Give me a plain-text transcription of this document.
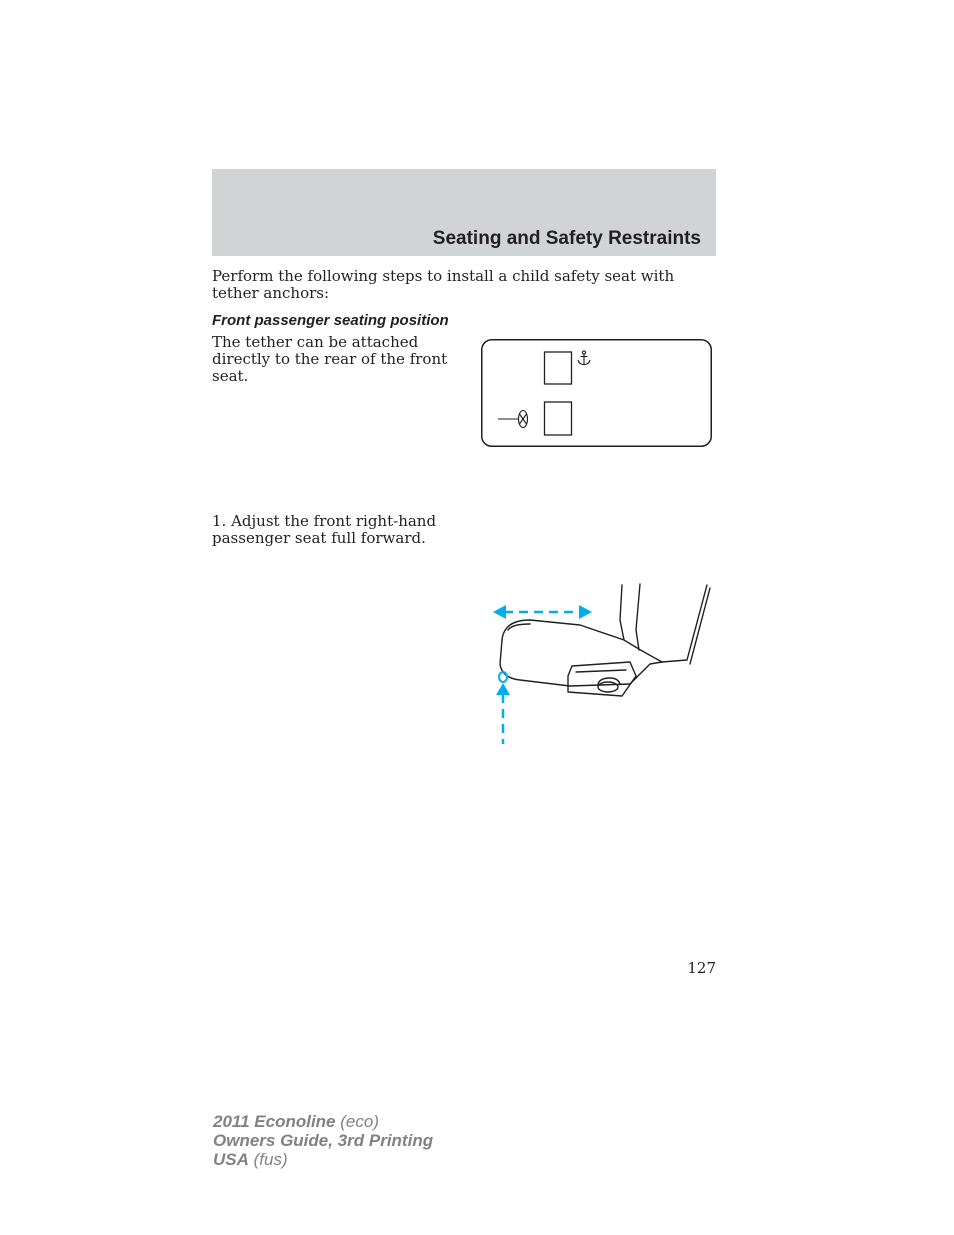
Seating and Safety Restraints
Perform the following steps to install a child safety seat with tether anchors:
Front passenger seating position
The tether can be attached directly to the rear of the front seat.
1. Adjust the front right-hand passenger seat full forward.
127
2011 Econoline (eco)
Owners Guide, 3rd Printing
USA (fus)
